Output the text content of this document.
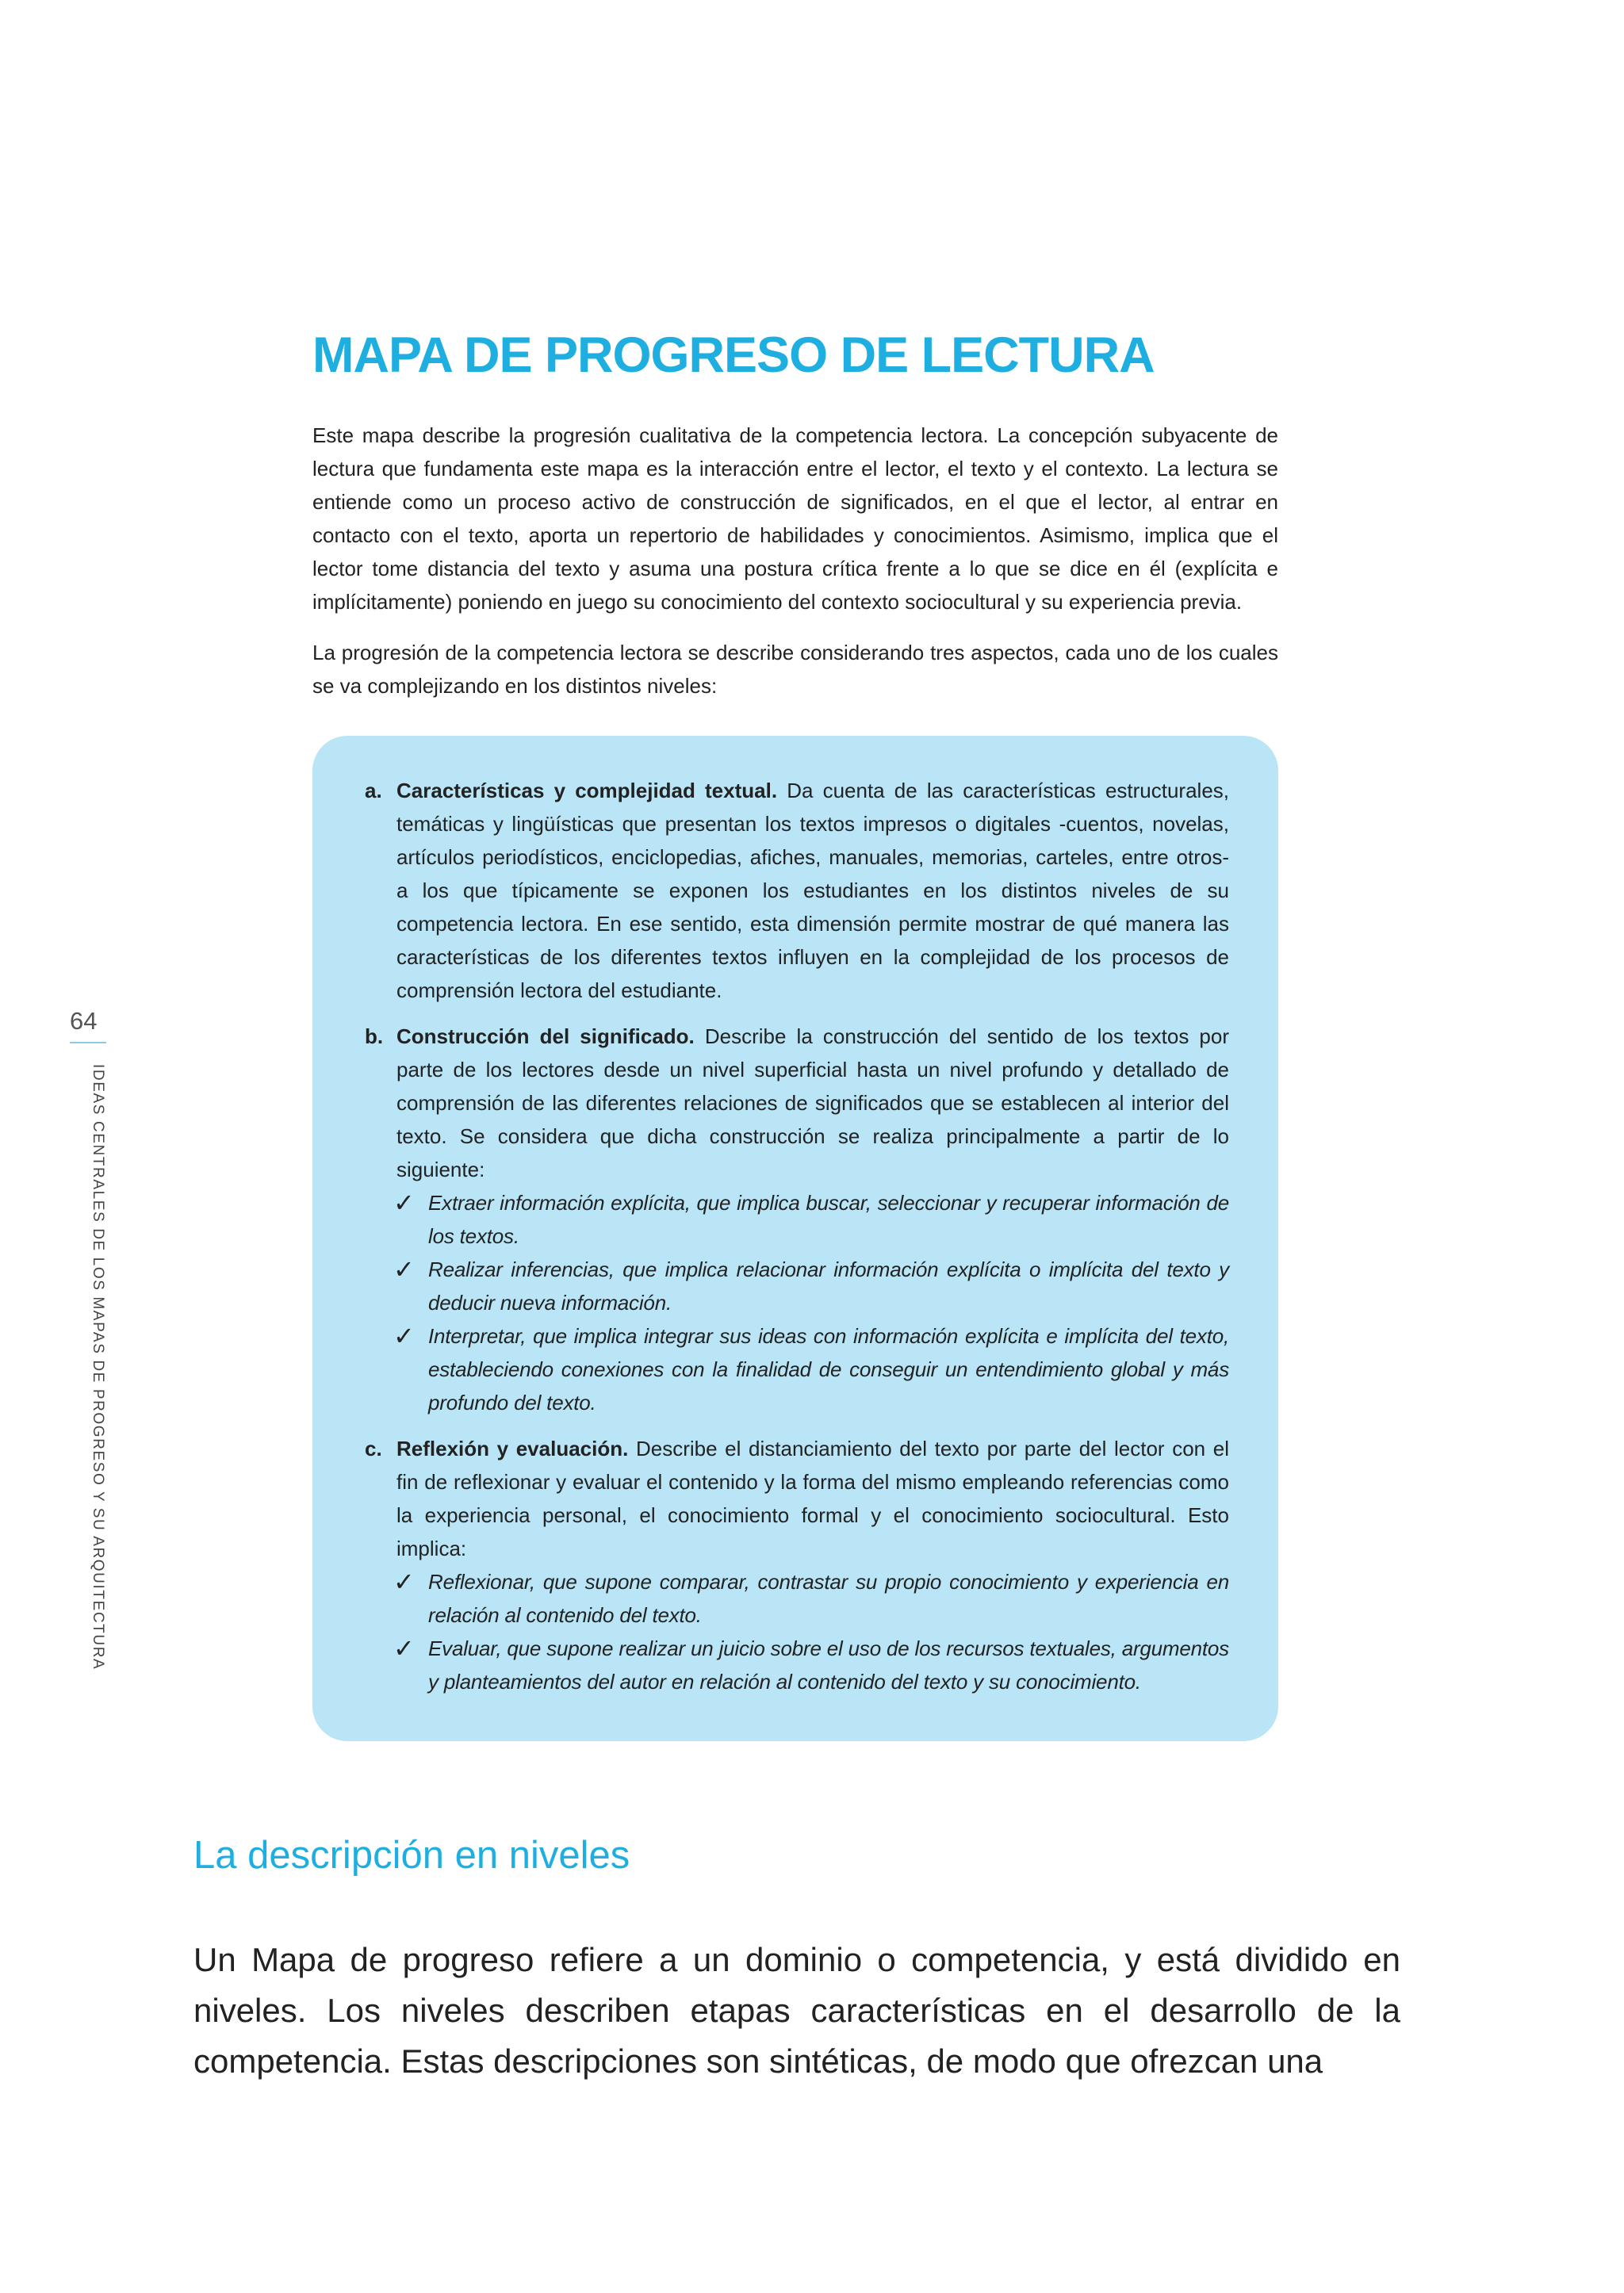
64
IDEAS CENTRALES DE LOS MAPAS DE PROGRESO Y SU ARQUITECTURA
MAPA DE PROGRESO DE LECTURA

Este mapa describe la progresión cualitativa de la competencia lectora. La concepción subyacente de lectura que fundamenta este mapa es la interacción entre el lector, el texto y el contexto. La lectura se entiende como un proceso activo de construcción de significados, en el que el lector, al entrar en contacto con el texto, aporta un repertorio de habilidades y conocimientos. Asimismo, implica que el lector tome distancia del texto y asuma una postura crítica frente a lo que se dice en él (explícita e implícitamente) poniendo en juego su conocimiento del contexto sociocultural y su experiencia previa.

La progresión de la competencia lectora se describe considerando tres aspectos, cada uno de los cuales se va complejizando en los distintos niveles:

a. Características y complejidad textual. Da cuenta de las características estructurales, temáticas y lingüísticas que presentan los textos impresos o digitales -cuentos, novelas, artículos periodísticos, enciclopedias, afiches, manuales, memorias, carteles, entre otros- a los que típicamente se exponen los estudiantes en los distintos niveles de su competencia lectora. En ese sentido, esta dimensión permite mostrar de qué manera las características de los diferentes textos influyen en la complejidad de los procesos de comprensión lectora del estudiante.
b. Construcción del significado. Describe la construcción del sentido de los textos por parte de los lectores desde un nivel superficial hasta un nivel profundo y detallado de comprensión de las diferentes relaciones de significados que se establecen al interior del texto. Se considera que dicha construcción se realiza principalmente a partir de lo siguiente:
✓ Extraer información explícita, que implica buscar, seleccionar y recuperar información de los textos.
✓ Realizar inferencias, que implica relacionar información explícita o implícita del texto y deducir nueva información.
✓ Interpretar, que implica integrar sus ideas con información explícita e implícita del texto, estableciendo conexiones con la finalidad de conseguir un entendimiento global y más profundo del texto.
c. Reflexión y evaluación. Describe el distanciamiento del texto por parte del lector con el fin de reflexionar y evaluar el contenido y la forma del mismo empleando referencias como la experiencia personal, el conocimiento formal y el conocimiento sociocultural. Esto implica:
✓ Reflexionar, que supone comparar, contrastar su propio conocimiento y experiencia en relación al contenido del texto.
✓ Evaluar, que supone realizar un juicio sobre el uso de los recursos textuales, argumentos y planteamientos del autor en relación al contenido del texto y su conocimiento.
La descripción en niveles

Un Mapa de progreso refiere a un dominio o competencia, y está dividido en niveles. Los niveles describen etapas características en el desarrollo de la competencia. Estas descripciones son sintéticas, de modo que ofrezcan una
